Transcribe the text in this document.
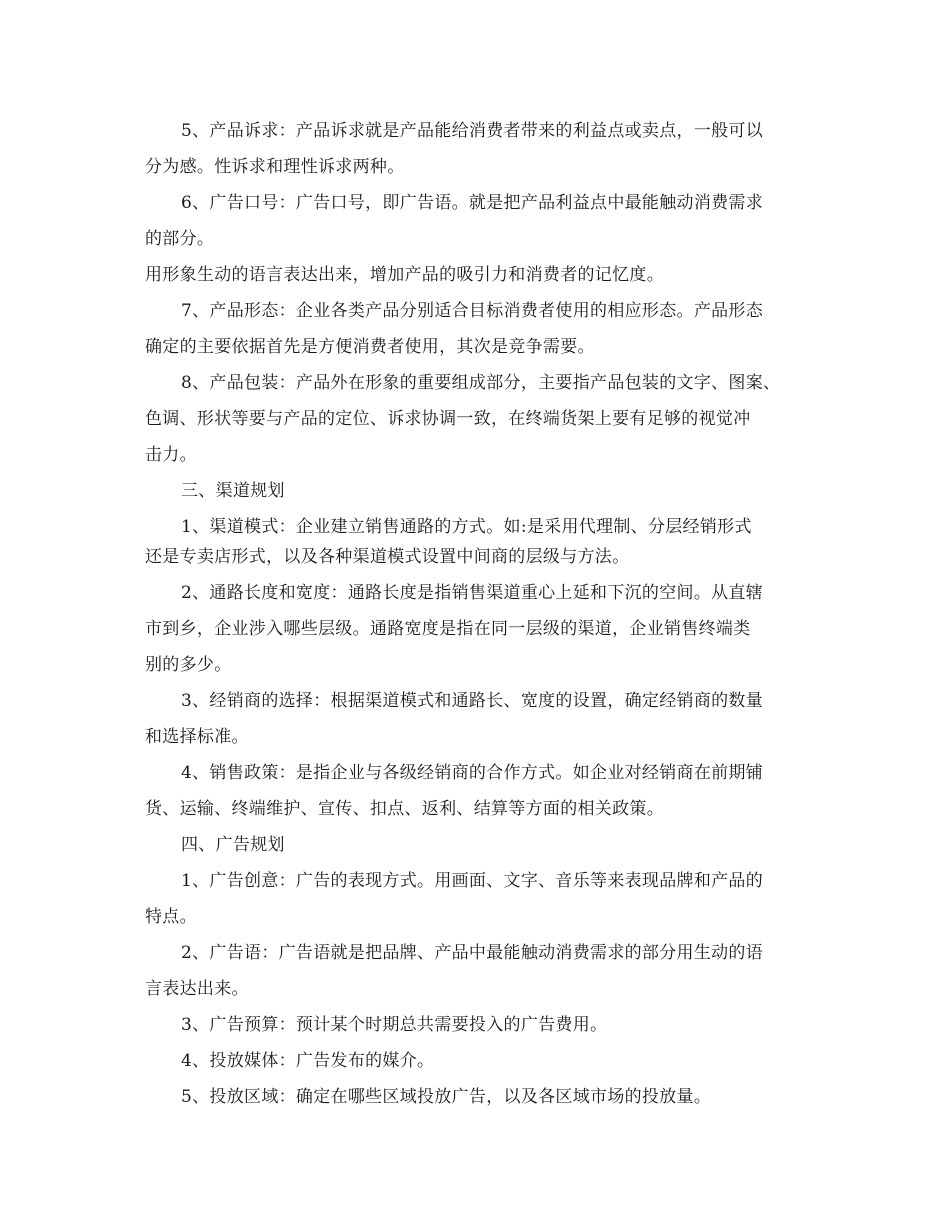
5、产品诉求：产品诉求就是产品能给消费者带来的利益点或卖点，一般可以
分为感。性诉求和理性诉求两种。
6、广告口号：广告口号，即广告语。就是把产品利益点中最能触动消费需求
的部分。
用形象生动的语言表达出来，增加产品的吸引力和消费者的记忆度。
7、产品形态：企业各类产品分别适合目标消费者使用的相应形态。产品形态
确定的主要依据首先是方便消费者使用，其次是竞争需要。
8、产品包装：产品外在形象的重要组成部分，主要指产品包装的文字、图案、
色调、形状等要与产品的定位、诉求协调一致，在终端货架上要有足够的视觉冲
击力。
三、渠道规划
1、渠道模式：企业建立销售通路的方式。如:是采用代理制、分层经销形式
还是专卖店形式，以及各种渠道模式设置中间商的层级与方法。
2、通路长度和宽度：通路长度是指销售渠道重心上延和下沉的空间。从直辖
市到乡，企业涉入哪些层级。通路宽度是指在同一层级的渠道，企业销售终端类
别的多少。
3、经销商的选择：根据渠道模式和通路长、宽度的设置，确定经销商的数量
和选择标准。
4、销售政策：是指企业与各级经销商的合作方式。如企业对经销商在前期铺
货、运输、终端维护、宣传、扣点、返利、结算等方面的相关政策。
四、广告规划
1、广告创意：广告的表现方式。用画面、文字、音乐等来表现品牌和产品的
特点。
2、广告语：广告语就是把品牌、产品中最能触动消费需求的部分用生动的语
言表达出来。
3、广告预算：预计某个时期总共需要投入的广告费用。
4、投放媒体：广告发布的媒介。
5、投放区域：确定在哪些区域投放广告，以及各区域市场的投放量。
